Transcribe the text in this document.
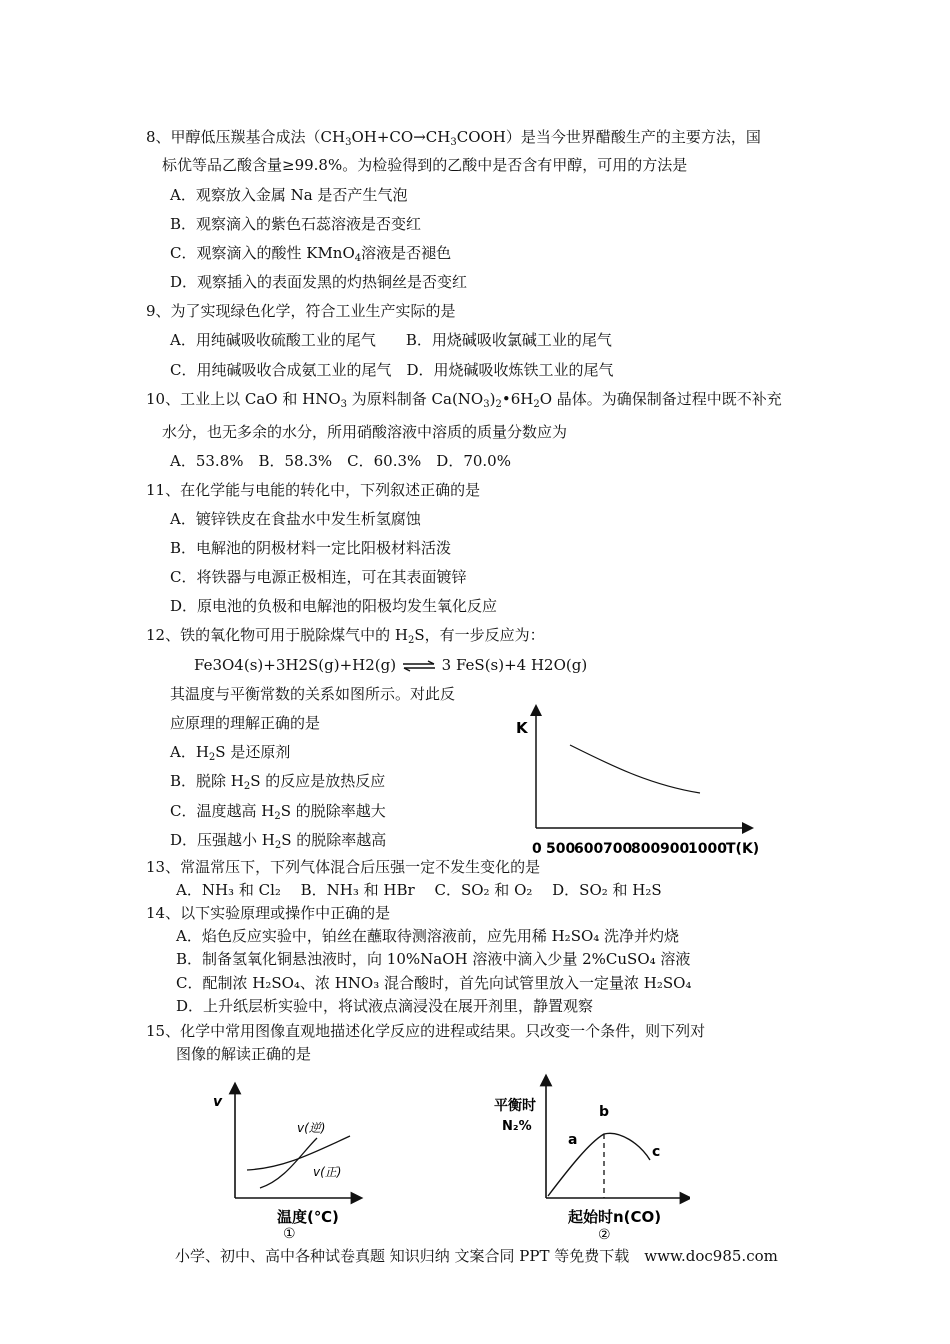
8、甲醇低压羰基合成法$(CH_3OH+CO\to CH_3COOH)$是当今世界醋酸生产的主要方法，国
标优等品乙酸含量≥99.8%。为检验得到的乙酸中是否含有甲醇，可用的方法是
A．观察放入金属 Na 是否产生气泡
B．观察滴入的紫色石蕊溶液是否变红
C．观察滴入的酸性 KMnO$_4$溶液是否褪色
D．观察插入的表面发黑的灼热铜丝是否变红
9、为了实现绿色化学，符合工业生产实际的是
A．用纯碱吸收硫酸工业的尾气　　B．用烧碱吸收氯碱工业的尾气
C．用纯碱吸收合成氨工业的尾气　D．用烧碱吸收炼铁工业的尾气
10、工业上以 CaO 和 $HNO_3$ 为原料制备 $Ca(NO_3)_2•6H_2O$ 晶体。为确保制备过程中既不补充
水分，也无多余的水分，所用硝酸溶液中溶质的质量分数应为
A．53.8%　B．58.3%　C．60.3%　D．70.0%
11、在化学能与电能的转化中，下列叙述正确的是
A．镀锌铁皮在食盐水中发生析氢腐蚀
B．电解池的阴极材料一定比阳极材料活泼
C．将铁器与电源正极相连，可在其表面镀锌
D．原电池的负极和电解池的阳极均发生氧化反应
12、铁的氧化物可用于脱除煤气中的 $H_2S$，有一步反应为：
Fe3O4(s)+3H2S(g)+H2(g) ⇌ 3 FeS(s)+4 H2O(g)
其温度与平衡常数的关系如图所示。对此反
应原理的理解正确的是
A．$H_2S$ 是还原剂
B．脱除 $H_2S$ 的反应是放热反应
C．温度越高 $H_2S$ 的脱除率越大
D．压强越小 $H_2S$ 的脱除率越高
K
0 500
600 700
800 900
1000 T(K)
13、常温常压下，下列气体混合后压强一定不发生变化的是
A．NH₃ 和 Cl₂　 B．NH₃ 和 HBr　 C．SO₂ 和 O₂　 D．SO₂ 和 H₂S
14、以下实验原理或操作中正确的是
A．焰色反应实验中，铂丝在蘸取待测溶液前，应先用稀 H₂SO₄ 洗净并灼烧
B．制备氢氧化铜悬浊液时，向 10%NaOH 溶液中滴入少量 2%CuSO₄ 溶液
C．配制浓 H₂SO₄、浓 HNO₃ 混合酸时，首先向试管里放入一定量浓 H₂SO₄
D．上升纸层析实验中，将试液点滴浸没在展开剂里，静置观察
15、化学中常用图像直观地描述化学反应的进程或结果。只改变一个条件，则下列对
图像的解读正确的是
v
v(逆)
v(正)
温度(℃)
①
平衡时
N₂%
a
b
c
起始时n(CO)
②
小学、初中、高中各种试卷真题 知识归纳 文案合同 PPT 等免费下载　www.doc985.com
